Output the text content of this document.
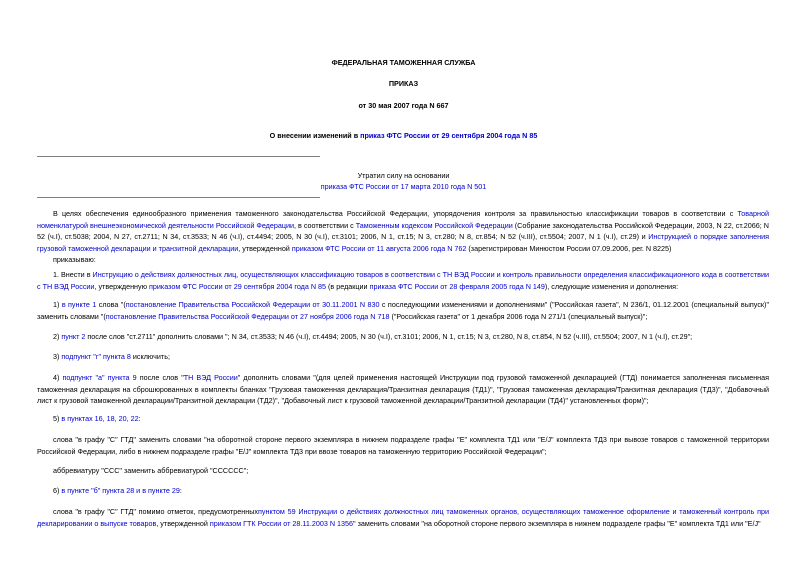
ФЕДЕРАЛЬНАЯ ТАМОЖЕННАЯ СЛУЖБА
ПРИКАЗ
от 30 мая 2007 года N 667
О внесении изменений в приказ ФТС России от 29 сентября 2004 года N 85
Утратил силу на основании
приказа ФТС России от 17 марта 2010 года N 501
В целях обеспечения единообразного применения таможенного законодательства Российской Федерации, упорядочения контроля за правильностью классификации товаров в соответствии с Товарной номенклатурой внешнеэкономической деятельности Российской Федерации, в соответствии с Таможенным кодексом Российской Федерации (Собрание законодательства Российской Федерации, 2003, N 22, ст.2066; N 52 (ч.I), ст.5038; 2004, N 27, ст.2711; N 34, ст.3533; N 46 (ч.I), ст.4494; 2005, N 30 (ч.I), ст.3101; 2006, N 1, ст.15; N 3, ст.280; N 8, ст.854; N 52 (ч.III), ст.5504; 2007, N 1 (ч.I), ст.29) и Инструкцией о порядке заполнения грузовой таможенной декларации и транзитной декларации, утвержденной приказом ФТС России от 11 августа 2006 года N 762 (зарегистрирован Минюстом России 07.09.2006, рег. N 8225)
приказываю:
1. Внести в Инструкцию о действиях должностных лиц, осуществляющих классификацию товаров в соответствии с ТН ВЭД России и контроль правильности определения классификационного кода в соответствии с ТН ВЭД России, утвержденную приказом ФТС России от 29 сентября 2004 года N 85 (в редакции приказа ФТС России от 28 февраля 2005 года N 149), следующие изменения и дополнения:
1) в пункте 1 слова "(постановление Правительства Российской Федерации от 30.11.2001 N 830 с последующими изменениями и дополнениями" ("Российская газета", N 236/1, 01.12.2001 (специальный выпуск)" заменить словами "(постановление Правительства Российской Федерации от 27 ноября 2006 года N 718 ("Российская газета" от 1 декабря 2006 года N 271/1 (специальный выпуск)";
2) пункт 2 после слов "ст.2711" дополнить словами "; N 34, ст.3533; N 46 (ч.I), ст.4494; 2005, N 30 (ч.I), ст.3101; 2006, N 1, ст.15; N 3, ст.280, N 8, ст.854, N 52 (ч.III), ст.5504; 2007, N 1 (ч.I), ст.29";
3) подпункт "г" пункта 8 исключить;
4) подпункт "а" пункта 9 после слов "ТН ВЭД России" дополнить словами "(для целей применения настоящей Инструкции под грузовой таможенной декларацией (ГТД) понимается заполненная письменная таможенная декларация на сброшюрованных в комплекты бланках "Грузовая таможенная декларация/Транзитная декларация (ТД1)", "Грузовая таможенная декларация/Транзитная декларация (ТД3)", "Добавочный лист к грузовой таможенной декларации/Транзитной декларации (ТД2)", "Добавочный лист к грузовой таможенной декларации/Транзитной декларации (ТД4)" установленных форм)";
5) в пунктах 16, 18, 20, 22:
слова "в графу "С" ГТД" заменить словами "на оборотной стороне первого экземпляра в нижнем подразделе графы "Е" комплекта ТД1 или "Е/J" комплекта ТД3 при вывозе товаров с таможенной территории Российской Федерации, либо в нижнем подразделе графы "Е/J" комплекта ТД3 при ввозе товаров на таможенную территорию Российской Федерации";
аббревиатуру "ССС" заменить аббревиатурой "СССССС";
6) в пункте "б" пункта 28 и в пункте 29:
слова "в графу "С" ГТД" помимо отметок, предусмотренныхпунктом 59 Инструкции о действиях должностных лиц таможенных органов, осуществляющих таможенное оформление и таможенный контроль при декларировании о выпуске товаров, утвержденной приказом ГТК России от 28.11.2003 N 1356" заменить словами "на оборотной стороне первого экземпляра в нижнем подразделе графы "Е" комплекта ТД1 или "Е/J"
